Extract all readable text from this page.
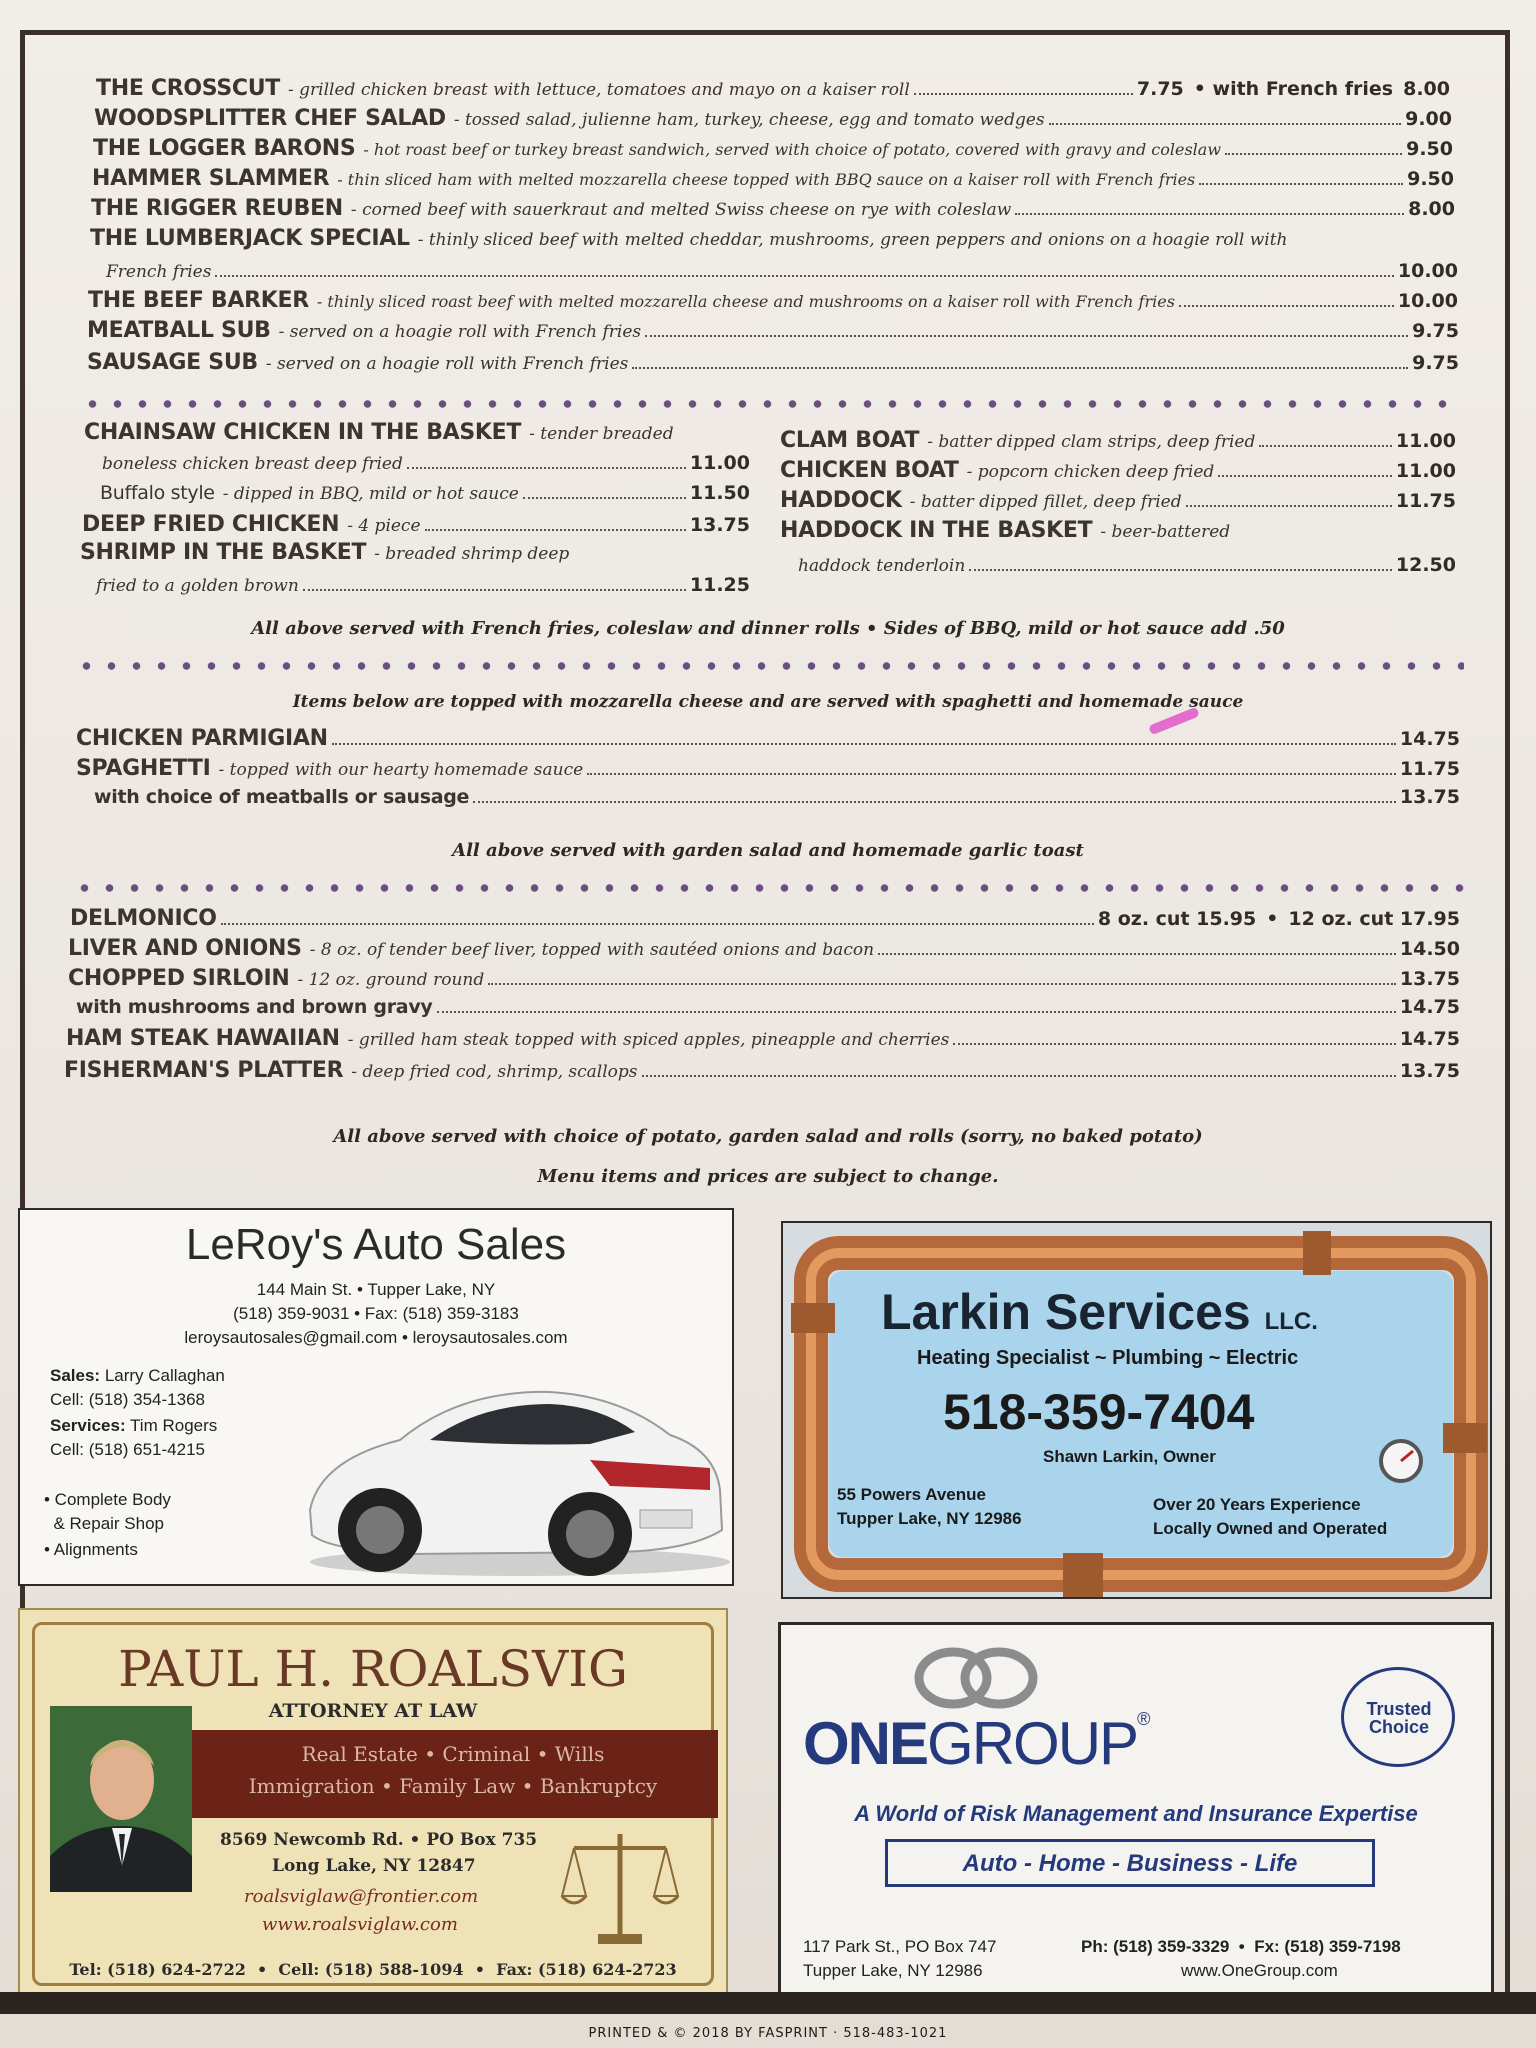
THE CROSSCUT - grilled chicken breast with lettuce, tomatoes and mayo on a kaiser roll	7.75 • with French fries 8.00
WOODSPLITTER CHEF SALAD - tossed salad, julienne ham, turkey, cheese, egg and tomato wedges	9.00
THE LOGGER BARONS - hot roast beef or turkey breast sandwich, served with choice of potato, covered with gravy and coleslaw	9.50
HAMMER SLAMMER - thin sliced ham with melted mozzarella cheese topped with BBQ sauce on a kaiser roll with French fries	9.50
THE RIGGER REUBEN - corned beef with sauerkraut and melted Swiss cheese on rye with coleslaw	8.00
THE LUMBERJACK SPECIAL - thinly sliced beef with melted cheddar, mushrooms, green peppers and onions on a hoagie roll with
French fries	10.00
THE BEEF BARKER - thinly sliced roast beef with melted mozzarella cheese and mushrooms on a kaiser roll with French fries	10.00
MEATBALL SUB - served on a hoagie roll with French fries	9.75
SAUSAGE SUB - served on a hoagie roll with French fries	9.75
CHAINSAW CHICKEN IN THE BASKET - tender breaded
boneless chicken breast deep fried	11.00
Buffalo style - dipped in BBQ, mild or hot sauce	11.50
DEEP FRIED CHICKEN - 4 piece	13.75
SHRIMP IN THE BASKET - breaded shrimp deep
fried to a golden brown	11.25
CLAM BOAT - batter dipped clam strips, deep fried	11.00
CHICKEN BOAT - popcorn chicken deep fried	11.00
HADDOCK - batter dipped fillet, deep fried	11.75
HADDOCK IN THE BASKET - beer-battered
haddock tenderloin	12.50
All above served with French fries, coleslaw and dinner rolls • Sides of BBQ, mild or hot sauce add .50
Items below are topped with mozzarella cheese and are served with spaghetti and homemade sauce
CHICKEN PARMIGIAN	14.75
SPAGHETTI - topped with our hearty homemade sauce	11.75
with choice of meatballs or sausage	13.75
All above served with garden salad and homemade garlic toast
DELMONICO	8 oz. cut 15.95 • 12 oz. cut 17.95
LIVER AND ONIONS - 8 oz. of tender beef liver, topped with sautéed onions and bacon	14.50
CHOPPED SIRLOIN - 12 oz. ground round	13.75
with mushrooms and brown gravy	14.75
HAM STEAK HAWAIIAN - grilled ham steak topped with spiced apples, pineapple and cherries	14.75
FISHERMAN'S PLATTER - deep fried cod, shrimp, scallops	13.75
All above served with choice of potato, garden salad and rolls (sorry, no baked potato)
Menu items and prices are subject to change.
LeRoy's Auto Sales
144 Main St. • Tupper Lake, NY
(518) 359-9031 • Fax: (518) 359-3183
leroysautosales@gmail.com • leroysautosales.com
Sales: Larry Callaghan
Cell: (518) 354-1368
Services: Tim Rogers
Cell: (518) 651-4215
• Complete Body
& Repair Shop
• Alignments
Larkin Services LLC.
Heating Specialist ~ Plumbing ~ Electric
518-359-7404
Shawn Larkin, Owner
55 Powers Avenue
Tupper Lake, NY 12986
Over 20 Years Experience
Locally Owned and Operated
PAUL H. ROALSVIG
ATTORNEY AT LAW
Real Estate • Criminal • Wills
Immigration • Family Law • Bankruptcy
8569 Newcomb Rd. • PO Box 735
Long Lake, NY 12847
roalsviglaw@frontier.com
www.roalsviglaw.com
Tel: (518) 624-2722  •  Cell: (518) 588-1094  •  Fax: (518) 624-2723
ONEGROUP®	Trusted Choice
A World of Risk Management and Insurance Expertise
Auto - Home - Business - Life
117 Park St., PO Box 747
Tupper Lake, NY 12986
Ph: (518) 359-3329  •  Fx: (518) 359-7198
www.OneGroup.com
PRINTED & © 2018 BY FASPRINT · 518-483-1021
